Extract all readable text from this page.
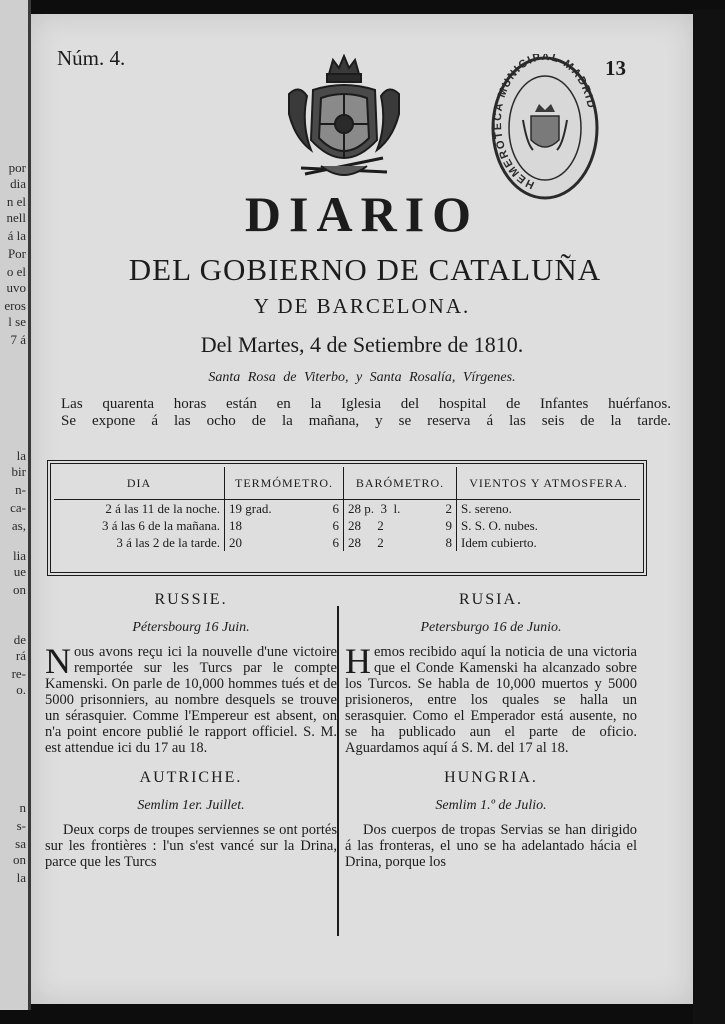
por
dia
n el
nell
á la
Por
o el
uvo
eros
l se
7 á
la
bir
n-
ca-
as,
lia
ue
on
de
rá
re-
o.
n
s-
sa
on
la
Núm. 4.	13
HEMEROTECA MUNICIPAL MADRID
DIARIO
DEL GOBIERNO DE CATALUÑA
Y DE BARCELONA.
Del Martes, 4 de Setiembre de 1810.
Santa Rosa de Viterbo, y Santa Rosalía, Vírgenes.
Las quarenta horas están en la Iglesia del hospital de Infantes huérfanos.
Se expone á las ocho de la mañana, y se reserva á las seis de la tarde.
DIA	TERMÓMETRO.	BARÓMETRO.	VIENTOS Y ATMOSFERA.
2 á las 11 de la noche.	19 grad. 6	28 p.  3  l. 2	S. sereno.
3 á las 6 de la mañana.	18 6	28     2 9	S. S. O. nubes.
3 á las 2 de la tarde.	20 6	28     2 8	Idem cubierto.
RUSSIE.
Pétersbourg 16 Juin.
Nous avons reçu ici la nouvelle d'une victoire remportée sur les Turcs par le compte Kamenski. On parle de 10,000 hommes tués et de 5000 prisonniers, au nombre desquels se trouve un sérasquier. Comme l'Empereur est absent, on n'a point encore publié le rapport officiel. S. M. est attendue ici du 17 au 18.
AUTRICHE.
Semlim 1er. Juillet.
Deux corps de troupes serviennes se ont portés sur les frontières : l'un s'est vancé sur la Drina, parce que les Turcs
RUSIA.
Petersburgo 16 de Junio.
Hemos recibido aquí la noticia de una victoria que el Conde Kamenski ha alcanzado sobre los Turcos. Se habla de 10,000 muertos y 5000 prisioneros, entre los quales se halla un serasquier. Como el Emperador está ausente, no se ha publicado aun el parte de oficio. Aguardamos aquí á S. M. del 17 al 18.
HUNGRIA.
Semlim 1.º de Julio.
Dos cuerpos de tropas Servias se han dirigido á las fronteras, el uno se ha adelantado hácia el Drina, porque los
